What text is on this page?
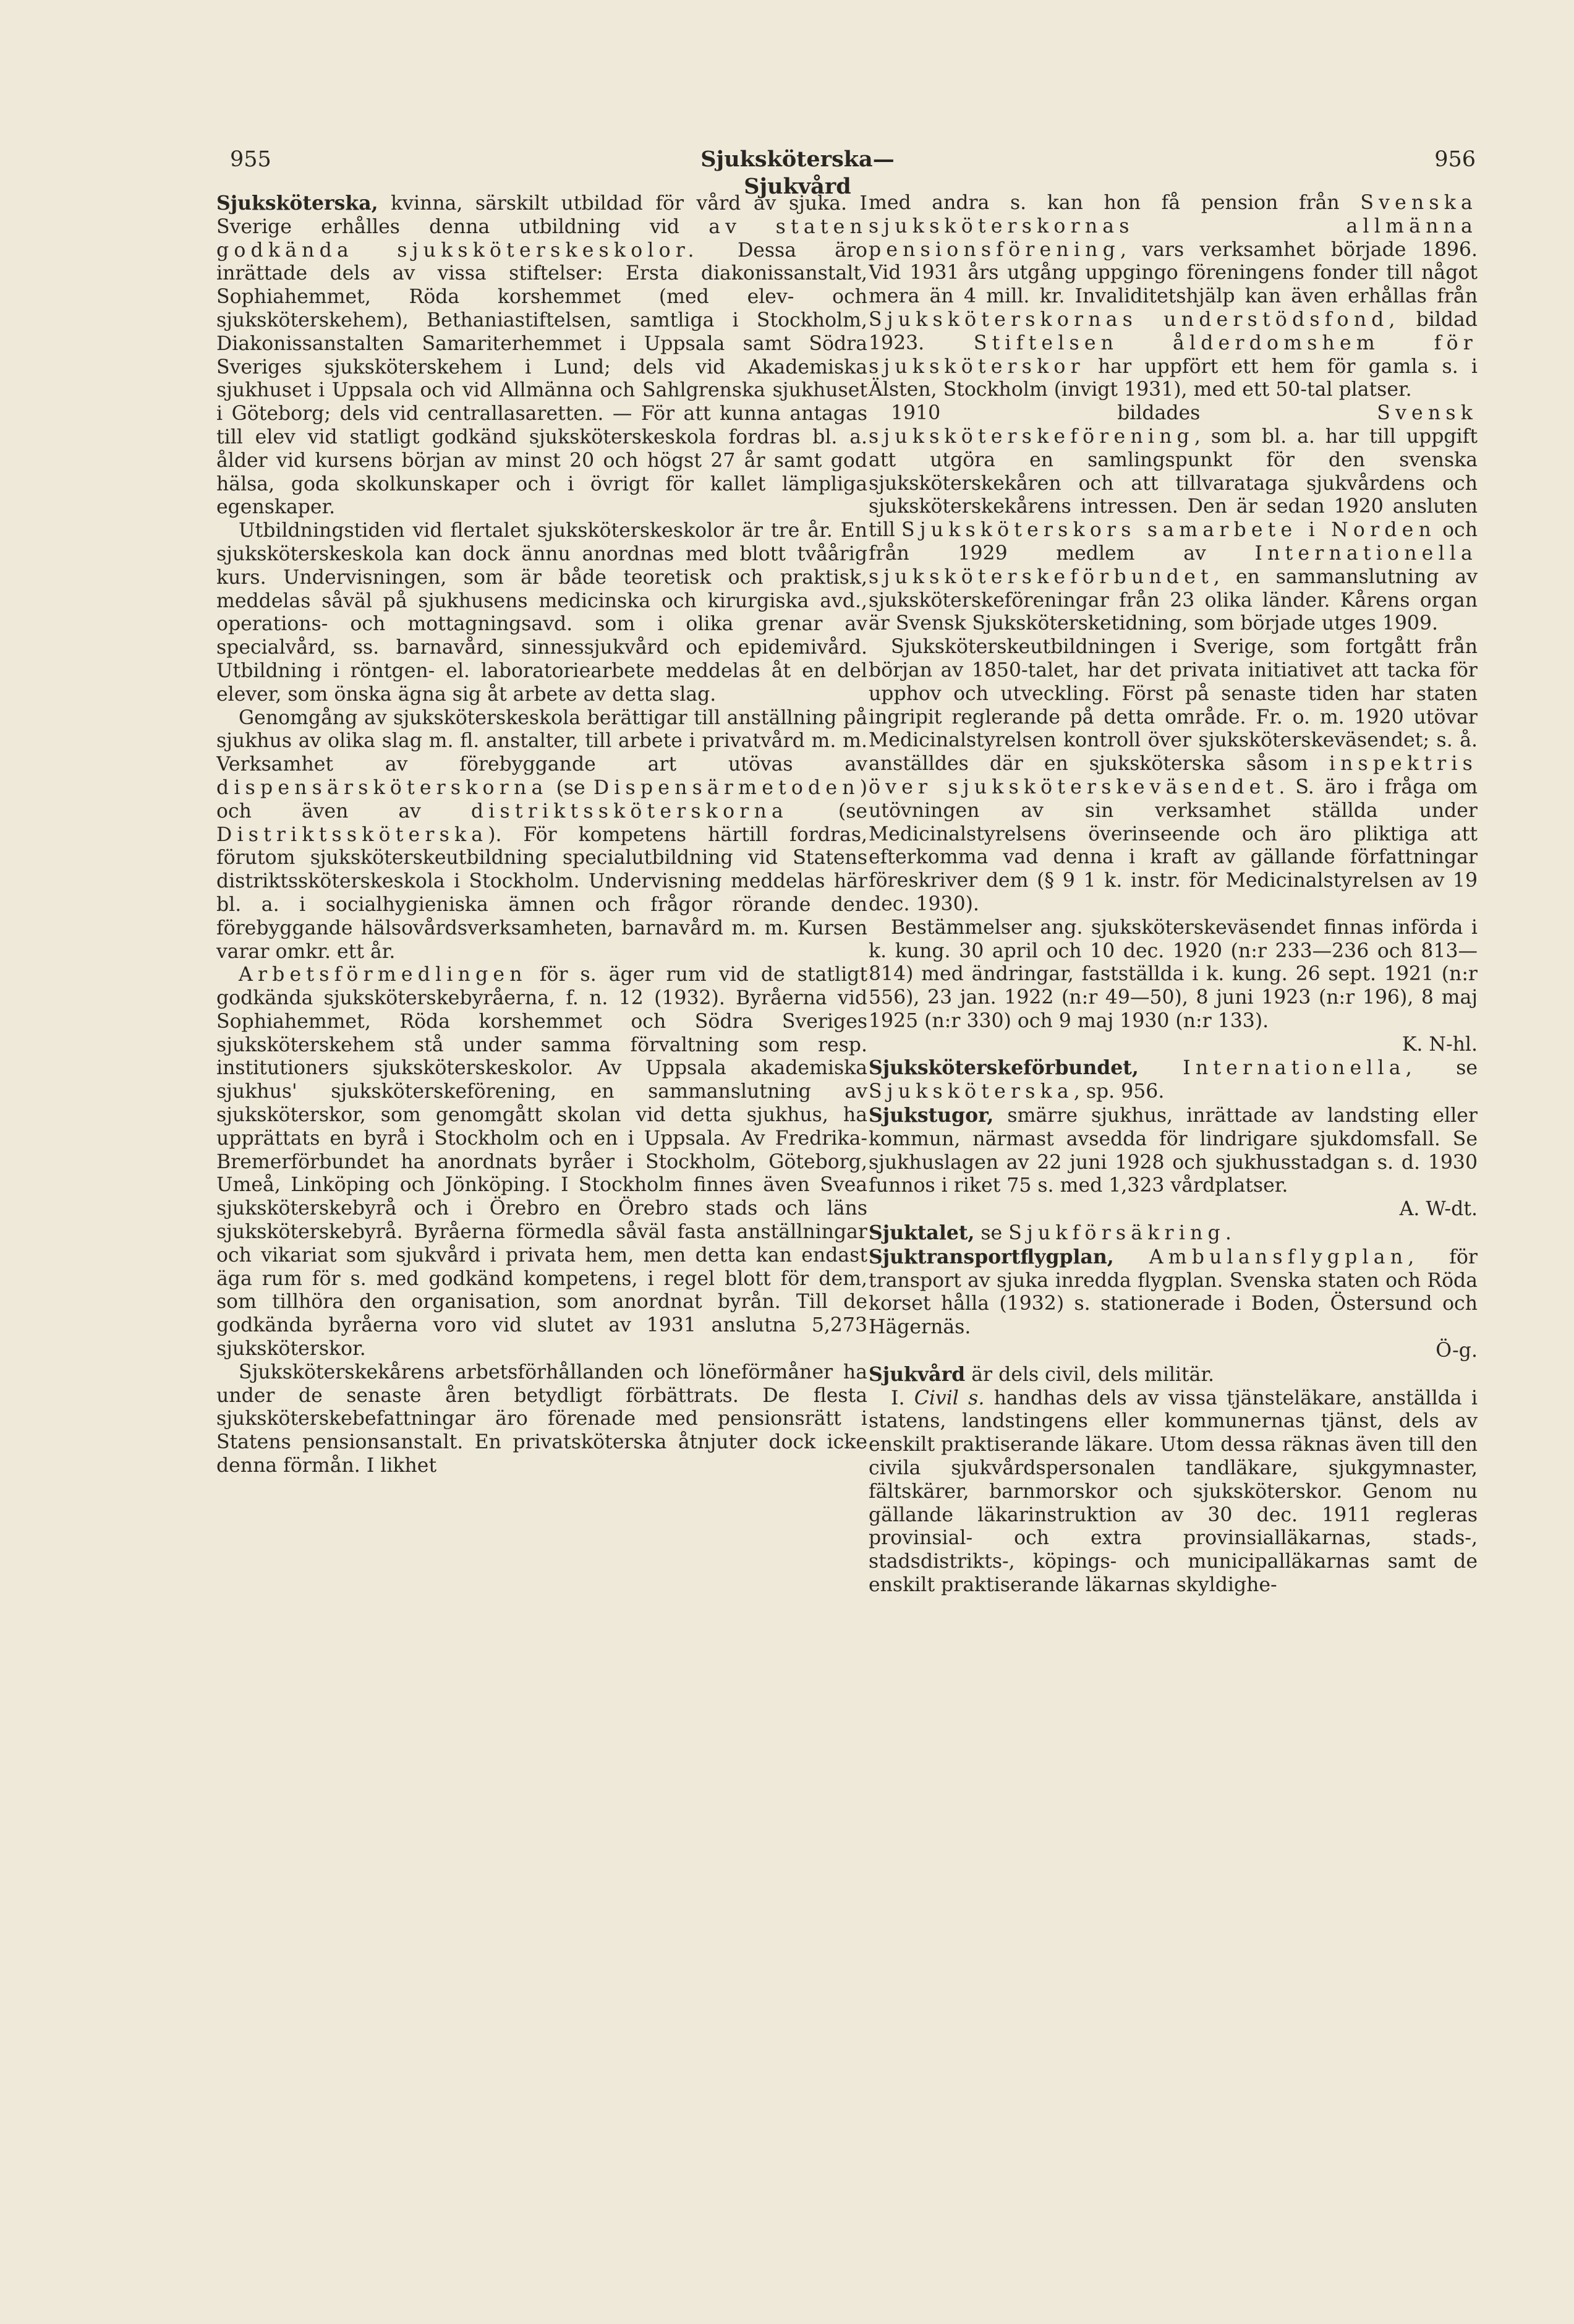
955	Sjuksköterska—Sjukvård
956

Sjuksköterska, kvinna, särskilt utbildad för vård av sjuka. I Sverige erhålles denna utbildning vid av staten godkända sjuksköterskeskolor. Dessa äro inrättade dels av vissa stiftelser: Ersta diakonissanstalt, Sophiahemmet, Röda korshemmet (med elev- och sjuksköterskehem), Bethaniastiftelsen, samtliga i Stockholm, Diakonissanstalten Samariterhemmet i Uppsala samt Södra Sveriges sjuksköterskehem i Lund; dels vid Akademiska sjukhuset i Uppsala och vid Allmänna och Sahlgrenska sjukhuset i Göteborg; dels vid centrallasaretten. — För att kunna antagas till elev vid statligt godkänd sjuksköterskeskola fordras bl. a. ålder vid kursens början av minst 20 och högst 27 år samt god hälsa, goda skolkunskaper och i övrigt för kallet lämpliga egenskaper.

Utbildningstiden vid flertalet sjuksköterskeskolor är tre år. En sjuksköterskeskola kan dock ännu anordnas med blott tvåårig kurs. Undervisningen, som är både teoretisk och praktisk, meddelas såväl på sjukhusens medicinska och kirurgiska avd., operations- och mottagningsavd. som i olika grenar av specialvård, ss. barnavård, sinnessjukvård och epidemivård. Utbildning i röntgen- el. laboratoriearbete meddelas åt en del elever, som önska ägna sig åt arbete av detta slag.

Genomgång av sjuksköterskeskola berättigar till anställning på sjukhus av olika slag m. fl. anstalter, till arbete i privatvård m. m. Verksamhet av förebyggande art utövas av dispensärsköterskorna (se Dispensärmetoden) och även av distriktssköterskorna (se Distriktssköterska). För kompetens härtill fordras, förutom sjuksköterskeutbildning specialutbildning vid Statens distriktssköterskeskola i Stockholm. Undervisning meddelas här bl. a. i socialhygieniska ämnen och frågor rörande den förebyggande hälsovårdsverksamheten, barnavård m. m. Kursen varar omkr. ett år.

Arbetsförmedlingen för s. äger rum vid de statligt godkända sjuksköterskebyråerna, f. n. 12 (1932). Byråerna vid Sophiahemmet, Röda korshemmet och Södra Sveriges sjuksköterskehem stå under samma förvaltning som resp. institutioners sjuksköterskeskolor. Av Uppsala akademiska sjukhus' sjuksköterskeförening, en sammanslutning av sjuksköterskor, som genomgått skolan vid detta sjukhus, ha upprättats en byrå i Stockholm och en i Uppsala. Av Fredrika-Bremerförbundet ha anordnats byråer i Stockholm, Göteborg, Umeå, Linköping och Jönköping. I Stockholm finnes även Svea sjuksköterskebyrå och i Örebro en Örebro stads och läns sjuksköterskebyrå. Byråerna förmedla såväl fasta anställningar och vikariat som sjukvård i privata hem, men detta kan endast äga rum för s. med godkänd kompetens, i regel blott för dem, som tillhöra den organisation, som anordnat byrån. Till de godkända byråerna voro vid slutet av 1931 anslutna 5,273 sjuksköterskor.

Sjuksköterskekårens arbetsförhållanden och löneförmåner ha under de senaste åren betydligt förbättrats. De flesta sjuksköterskebefattningar äro förenade med pensionsrätt i Statens pensionsanstalt. En privatsköterska åtnjuter dock icke denna förmån. I likhet

med andra s. kan hon få pension från Svenska sjuksköterskornas allmänna pensionsförening, vars verksamhet började 1896. Vid 1931 års utgång uppgingo föreningens fonder till något mera än 4 mill. kr. Invaliditetshjälp kan även erhållas från Sjuksköterskornas understödsfond, bildad 1923. Stiftelsen ålderdomshem för sjuksköterskor har uppfört ett hem för gamla s. i Älsten, Stockholm (invigt 1931), med ett 50-tal platser.

1910 bildades Svensk sjuksköterskeförening, som bl. a. har till uppgift att utgöra en samlingspunkt för den svenska sjuksköterskekåren och att tillvarataga sjukvårdens och sjuksköterskekårens intressen. Den är sedan 1920 ansluten till Sjuksköterskors samarbete i Norden och från 1929 medlem av Internationella sjuksköterskeförbundet, en sammanslutning av sjuksköterskeföreningar från 23 olika länder. Kårens organ är Svensk Sjukskötersketidning, som började utges 1909.

Sjuksköterskeutbildningen i Sverige, som fortgått från början av 1850-talet, har det privata initiativet att tacka för upphov och utveckling. Först på senaste tiden har staten ingripit reglerande på detta område. Fr. o. m. 1920 utövar Medicinalstyrelsen kontroll över sjuksköterskeväsendet; s. å. anställdes där en sjuksköterska såsom inspektris över sjuksköterskeväsendet. S. äro i fråga om utövningen av sin verksamhet ställda under Medicinalstyrelsens överinseende och äro pliktiga att efterkomma vad denna i kraft av gällande författningar föreskriver dem (§ 9 1 k. instr. för Medicinalstyrelsen av 19 dec. 1930).

Bestämmelser ang. sjuksköterskeväsendet finnas införda i k. kung. 30 april och 10 dec. 1920 (n:r 233—236 och 813—814) med ändringar, fastställda i k. kung. 26 sept. 1921 (n:r 556), 23 jan. 1922 (n:r 49—50), 8 juni 1923 (n:r 196), 8 maj 1925 (n:r 330) och 9 maj 1930 (n:r 133).
K. N-hl.

Sjuksköterskeförbundet, Internationella, se Sjuksköterska, sp. 956.

Sjukstugor, smärre sjukhus, inrättade av landsting eller kommun, närmast avsedda för lindrigare sjukdomsfall. Se sjukhuslagen av 22 juni 1928 och sjukhusstadgan s. d. 1930 funnos i riket 75 s. med 1,323 vårdplatser.
A. W-dt.

Sjuktalet, se Sjukförsäkring.

Sjuktransportflygplan, Ambulansflygplan, för transport av sjuka inredda flygplan. Svenska staten och Röda korset hålla (1932) s. stationerade i Boden, Östersund och Hägernäs.
Ö-g.

Sjukvård är dels civil, dels militär.

I. Civil s. handhas dels av vissa tjänsteläkare, anställda i statens, landstingens eller kommunernas tjänst, dels av enskilt praktiserande läkare. Utom dessa räknas även till den civila sjukvårdspersonalen tandläkare, sjukgymnaster, fältskärer, barnmorskor och sjuksköterskor. Genom nu gällande läkarinstruktion av 30 dec. 1911 regleras provinsial- och extra provinsialläkarnas, stads-, stadsdistrikts-, köpings- och municipalläkarnas samt de enskilt praktiserande läkarnas skyldighe-
